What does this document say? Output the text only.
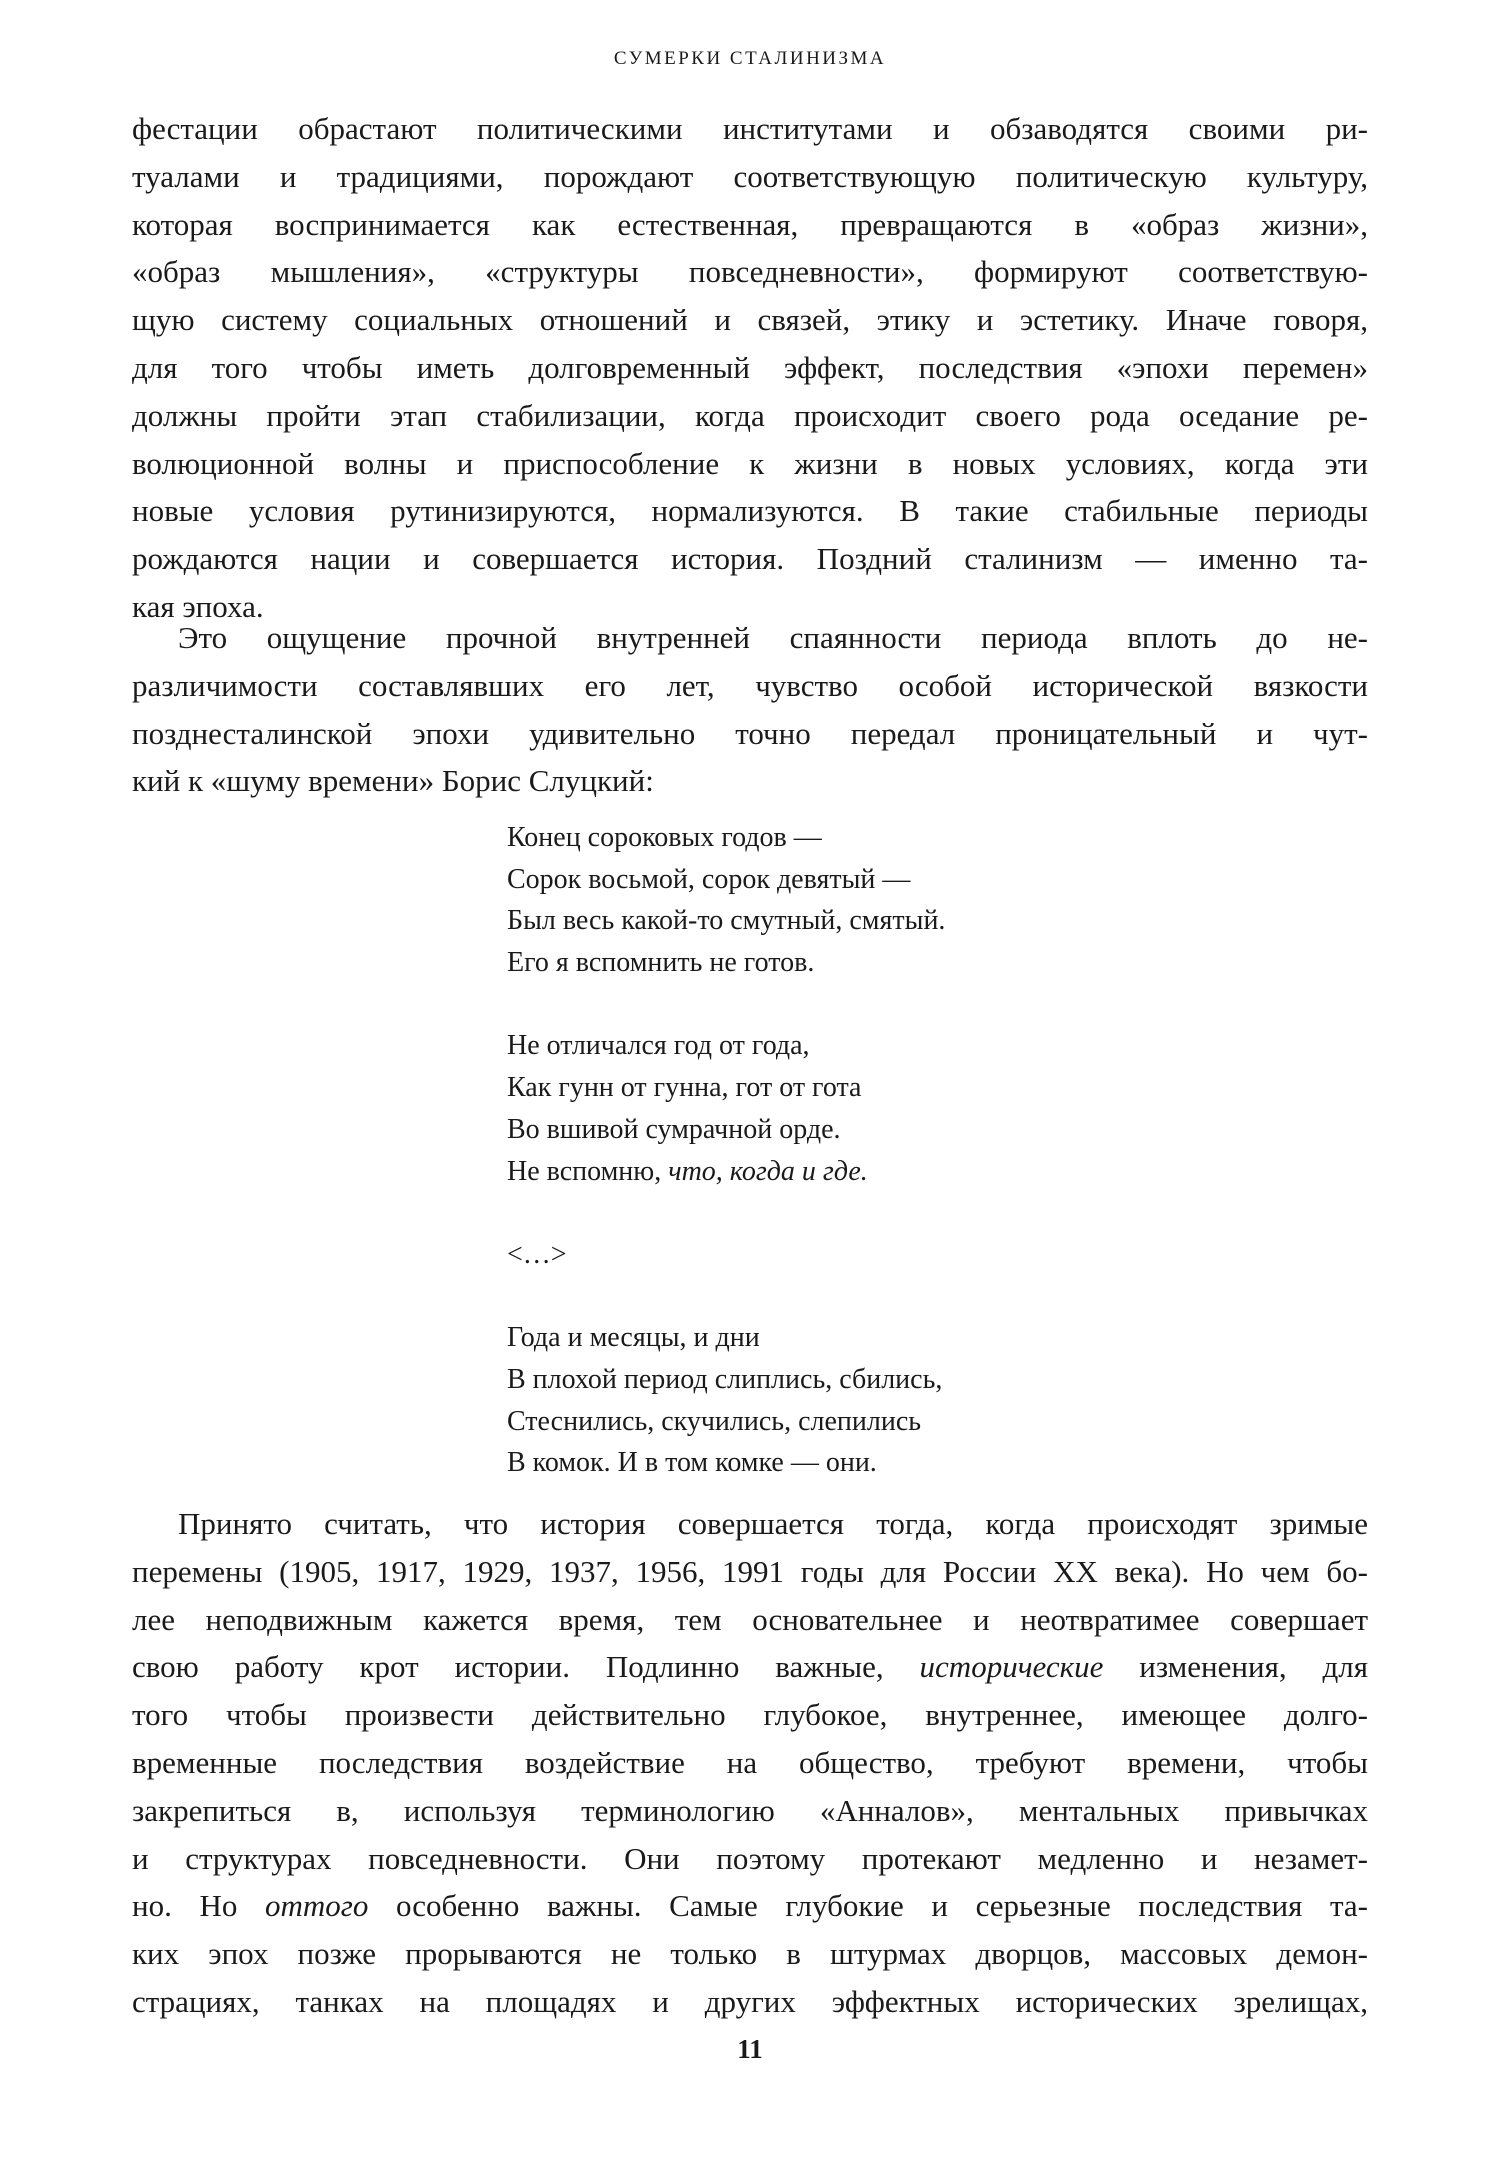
СУМЕРКИ СТАЛИНИЗМА
фестации обрастают политическими институтами и обзаводятся своими ри-
туалами и традициями, порождают соответствующую политическую культуру,
которая воспринимается как естественная, превращаются в «образ жизни»,
«образ мышления», «структуры повседневности», формируют соответствую-
щую систему социальных отношений и связей, этику и эстетику. Иначе говоря,
для того чтобы иметь долговременный эффект, последствия «эпохи перемен»
должны пройти этап стабилизации, когда происходит своего рода оседание ре-
волюционной волны и приспособление к жизни в новых условиях, когда эти
новые условия рутинизируются, нормализуются. В такие стабильные периоды
рождаются нации и совершается история. Поздний сталинизм — именно та-
кая эпоха.
Это ощущение прочной внутренней спаянности периода вплоть до не-
различимости составлявших его лет, чувство особой исторической вязкости
позднесталинской эпохи удивительно точно передал проницательный и чут-
кий к «шуму времени» Борис Слуцкий:
Конец сороковых годов —
Сорок восьмой, сорок девятый —
Был весь какой-то смутный, смятый.
Его я вспомнить не готов.
Не отличался год от года,
Как гунн от гунна, гот от гота
Во вшивой сумрачной орде.
Не вспомню, что, когда и где.
<…>
Года и месяцы, и дни
В плохой период слиплись, сбились,
Стеснились, скучились, слепились
В комок. И в том комке — они.
Принято считать, что история совершается тогда, когда происходят зримые
перемены (1905, 1917, 1929, 1937, 1956, 1991 годы для России XX века). Но чем бо-
лее неподвижным кажется время, тем основательнее и неотвратимее совершает
свою работу крот истории. Подлинно важные, исторические изменения, для
того чтобы произвести действительно глубокое, внутреннее, имеющее долго-
временные последствия воздействие на общество, требуют времени, чтобы
закрепиться в, используя терминологию «Анналов», ментальных привычках
и структурах повседневности. Они поэтому протекают медленно и незамет-
но. Но оттого особенно важны. Самые глубокие и серьезные последствия та-
ких эпох позже прорываются не только в штурмах дворцов, массовых демон-
страциях, танках на площадях и других эффектных исторических зрелищах,
11
